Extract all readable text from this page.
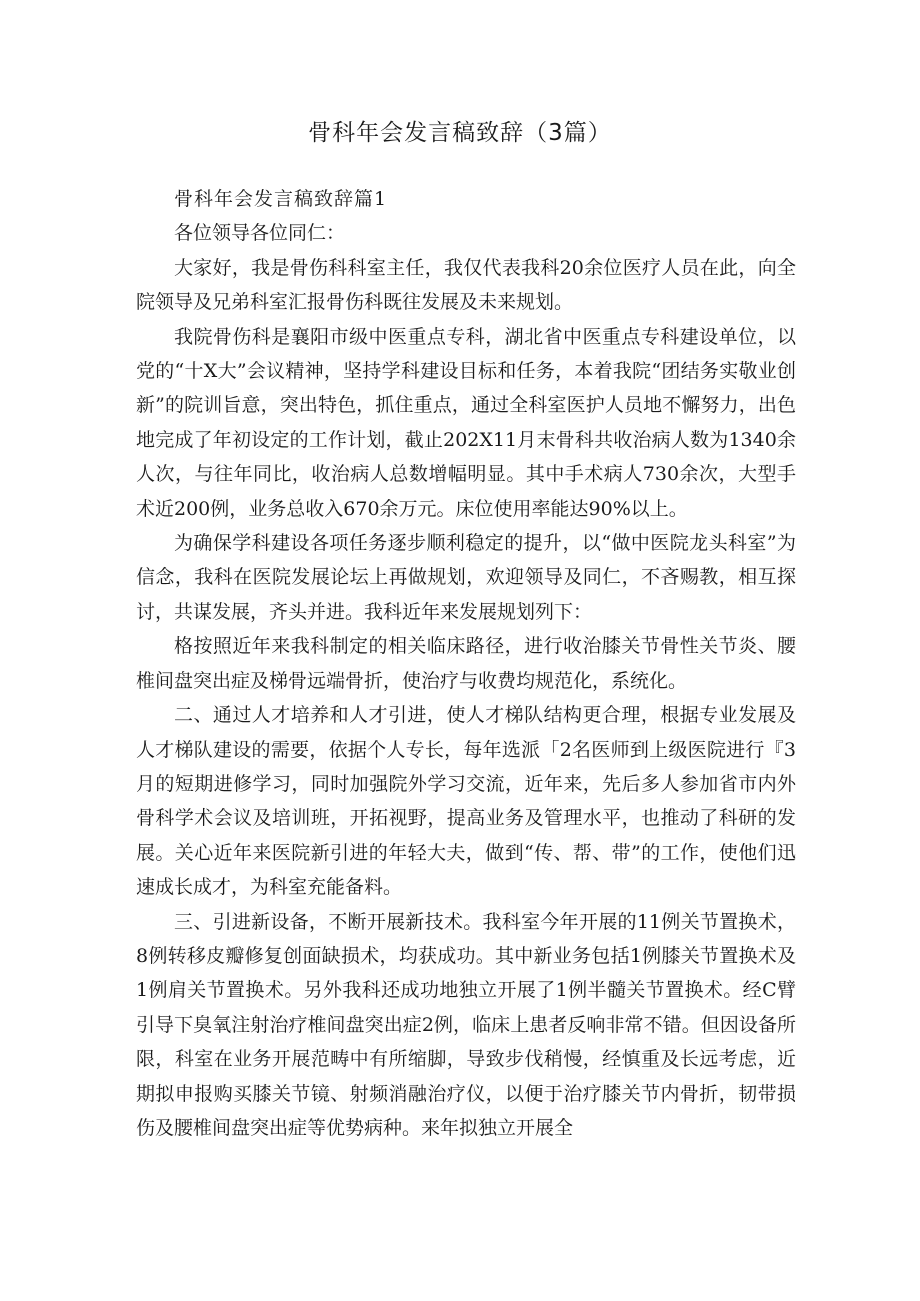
骨科年会发言稿致辞（3篇）

骨科年会发言稿致辞篇1

各位领导各位同仁：

大家好，我是骨伤科科室主任，我仅代表我科20余位医疗人员在此，向全院领导及兄弟科室汇报骨伤科既往发展及未来规划。

我院骨伤科是襄阳市级中医重点专科，湖北省中医重点专科建设单位，以党的“十X大”会议精神，坚持学科建设目标和任务，本着我院“团结务实敬业创新”的院训旨意，突出特色，抓住重点，通过全科室医护人员地不懈努力，出色地完成了年初设定的工作计划，截止202X11月末骨科共收治病人数为1340余人次，与往年同比，收治病人总数增幅明显。其中手术病人730余次，大型手术近200例，业务总收入670余万元。床位使用率能达90%以上。

为确保学科建设各项任务逐步顺利稳定的提升，以“做中医院龙头科室”为信念，我科在医院发展论坛上再做规划，欢迎领导及同仁，不吝赐教，相互探讨，共谋发展，齐头并进。我科近年来发展规划列下：

格按照近年来我科制定的相关临床路径，进行收治膝关节骨性关节炎、腰椎间盘突出症及梯骨远端骨折，使治疗与收费均规范化，系统化。

二、通过人才培养和人才引进，使人才梯队结构更合理，根据专业发展及人才梯队建设的需要，依据个人专长，每年选派「2名医师到上级医院进行『3月的短期进修学习，同时加强院外学习交流，近年来，先后多人参加省市内外骨科学术会议及培训班，开拓视野，提高业务及管理水平，也推动了科研的发展。关心近年来医院新引进的年轻大夫，做到“传、帮、带”的工作，使他们迅速成长成才，为科室充能备料。

三、引进新设备，不断开展新技术。我科室今年开展的11例关节置换术，8例转移皮瓣修复创面缺损术，均获成功。其中新业务包括1例膝关节置换术及1例肩关节置换术。另外我科还成功地独立开展了1例半髓关节置换术。经C臂引导下臭氧注射治疗椎间盘突出症2例，临床上患者反响非常不错。但因设备所限，科室在业务开展范畴中有所缩脚，导致步伐稍慢，经慎重及长远考虑，近期拟申报购买膝关节镜、射频消融治疗仪，以便于治疗膝关节内骨折，韧带损伤及腰椎间盘突出症等优势病种。来年拟独立开展全
